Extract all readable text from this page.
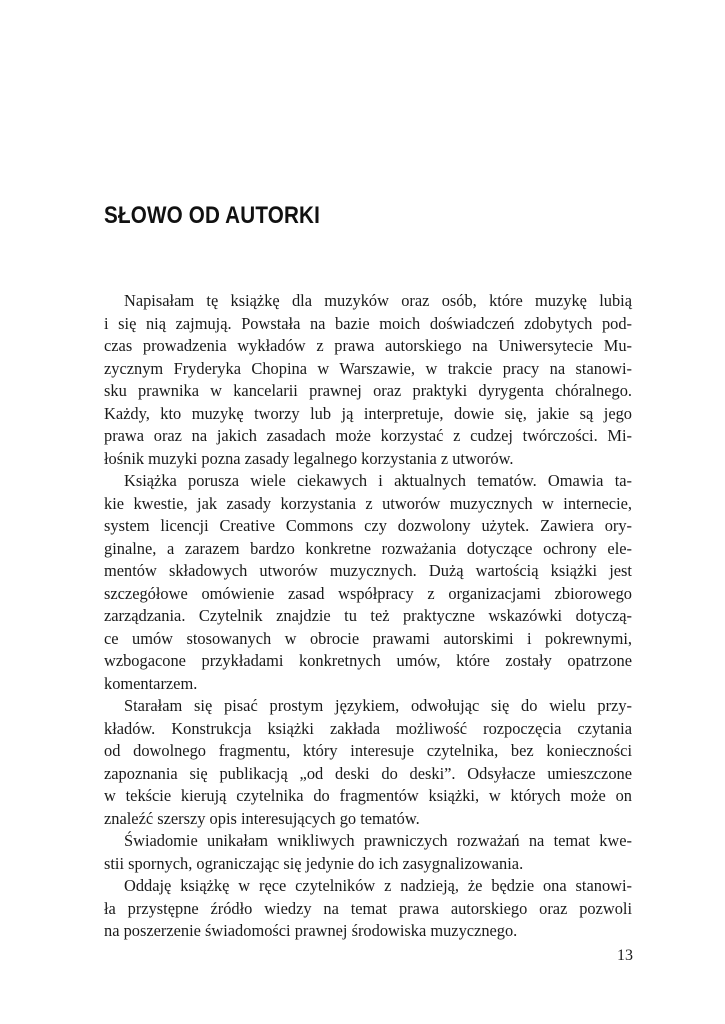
SŁOWO OD AUTORKI

Napisałam tę książkę dla muzyków oraz osób, które muzykę lubią
i się nią zajmują. Powstała na bazie moich doświadczeń zdobytych pod-
czas prowadzenia wykładów z prawa autorskiego na Uniwersytecie Mu-
zycznym Fryderyka Chopina w Warszawie, w trakcie pracy na stanowi-
sku prawnika w kancelarii prawnej oraz praktyki dyrygenta chóralnego.
Każdy, kto muzykę tworzy lub ją interpretuje, dowie się, jakie są jego
prawa oraz na jakich zasadach może korzystać z cudzej twórczości. Mi-
łośnik muzyki pozna zasady legalnego korzystania z utworów.

Książka porusza wiele ciekawych i aktualnych tematów. Omawia ta-
kie kwestie, jak zasady korzystania z utworów muzycznych w internecie,
system licencji Creative Commons czy dozwolony użytek. Zawiera ory-
ginalne, a zarazem bardzo konkretne rozważania dotyczące ochrony ele-
mentów składowych utworów muzycznych. Dużą wartością książki jest
szczegółowe omówienie zasad współpracy z organizacjami zbiorowego
zarządzania. Czytelnik znajdzie tu też praktyczne wskazówki dotyczą-
ce umów stosowanych w obrocie prawami autorskimi i pokrewnymi,
wzbogacone przykładami konkretnych umów, które zostały opatrzone
komentarzem.

Starałam się pisać prostym językiem, odwołując się do wielu przy-
kładów. Konstrukcja książki zakłada możliwość rozpoczęcia czytania
od dowolnego fragmentu, który interesuje czytelnika, bez konieczności
zapoznania się publikacją „od deski do deski”. Odsyłacze umieszczone
w tekście kierują czytelnika do fragmentów książki, w których może on
znaleźć szerszy opis interesujących go tematów.

Świadomie unikałam wnikliwych prawniczych rozważań na temat kwe-
stii spornych, ograniczając się jedynie do ich zasygnalizowania.

Oddaję książkę w ręce czytelników z nadzieją, że będzie ona stanowi-
ła przystępne źródło wiedzy na temat prawa autorskiego oraz pozwoli
na poszerzenie świadomości prawnej środowiska muzycznego.

13
